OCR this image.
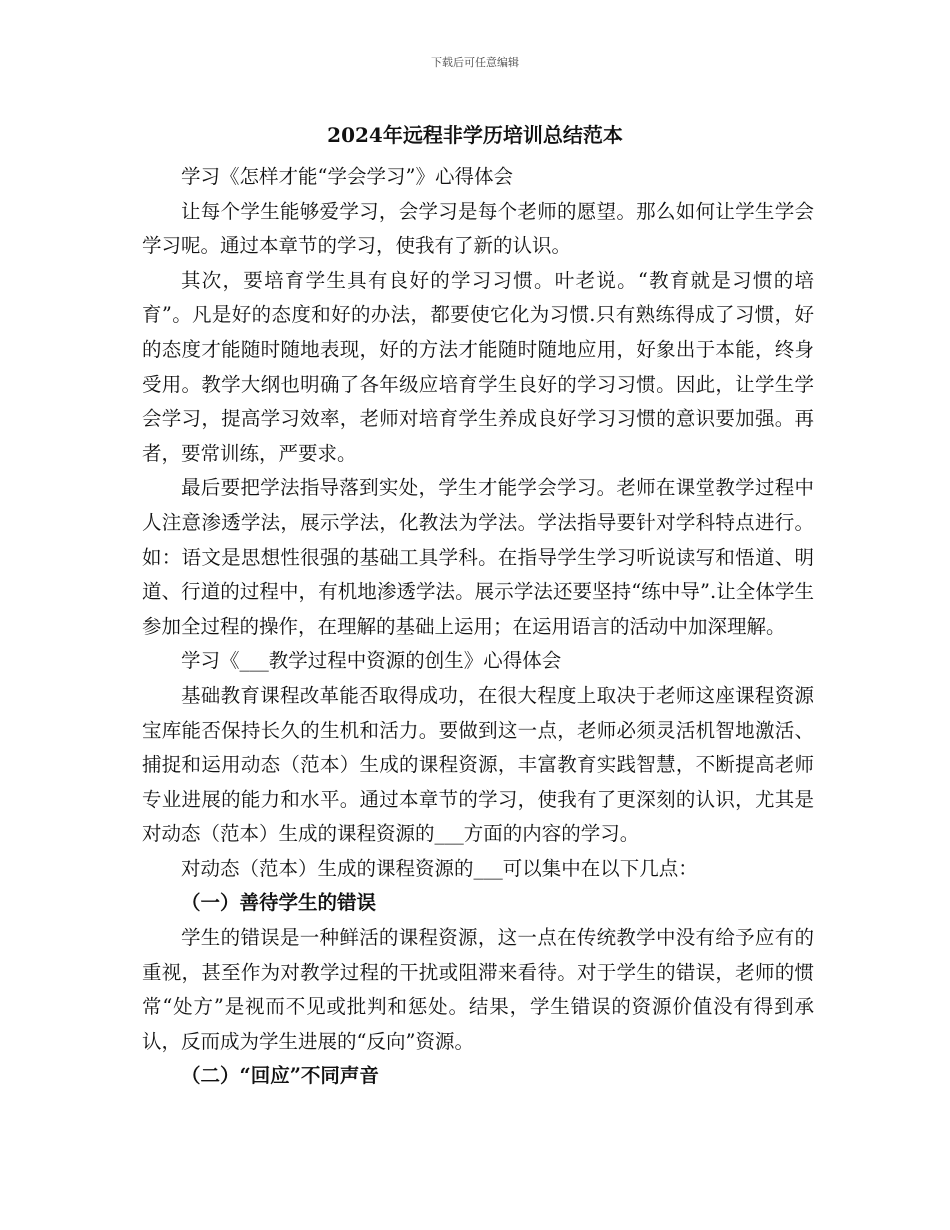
下载后可任意编辑
2024年远程非学历培训总结范本

学习《怎样才能“学会学习”》心得体会

让每个学生能够爱学习，会学习是每个老师的愿望。那么如何让学生学会学习呢。通过本章节的学习，使我有了新的认识。

其次，要培育学生具有良好的学习习惯。叶老说。“教育就是习惯的培育”。凡是好的态度和好的办法，都要使它化为习惯.只有熟练得成了习惯，好的态度才能随时随地表现，好的方法才能随时随地应用，好象出于本能，终身受用。教学大纲也明确了各年级应培育学生良好的学习习惯。因此，让学生学会学习，提高学习效率，老师对培育学生养成良好学习习惯的意识要加强。再者，要常训练，严要求。

最后要把学法指导落到实处，学生才能学会学习。老师在课堂教学过程中人注意渗透学法，展示学法，化教法为学法。学法指导要针对学科特点进行。如：语文是思想性很强的基础工具学科。在指导学生学习听说读写和悟道、明道、行道的过程中，有机地渗透学法。展示学法还要坚持“练中导”.让全体学生参加全过程的操作，在理解的基础上运用；在运用语言的活动中加深理解。

学习《___教学过程中资源的创生》心得体会

基础教育课程改革能否取得成功，在很大程度上取决于老师这座课程资源宝库能否保持长久的生机和活力。要做到这一点，老师必须灵活机智地激活、捕捉和运用动态（范本）生成的课程资源，丰富教育实践智慧，不断提高老师专业进展的能力和水平。通过本章节的学习，使我有了更深刻的认识，尤其是对动态（范本）生成的课程资源的___方面的内容的学习。

对动态（范本）生成的课程资源的___可以集中在以下几点：

（一）善待学生的错误

学生的错误是一种鲜活的课程资源，这一点在传统教学中没有给予应有的重视，甚至作为对教学过程的干扰或阻滞来看待。对于学生的错误，老师的惯常“处方”是视而不见或批判和惩处。结果，学生错误的资源价值没有得到承认，反而成为学生进展的“反向”资源。

（二）“回应”不同声音
